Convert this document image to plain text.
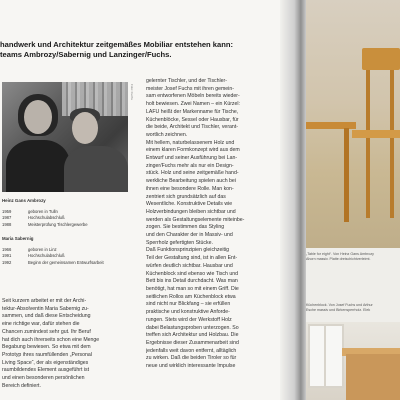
handwerk und Architektur zeitgemäßes Mobiliar entstehen kann:
teams Ambrozy/Sabernig und Lanzinger/Fuchs.
Foto: Fuchs
Heinz Gans Ambrozy
1959	geboren in Tulln
1987	Hochschulabschluß
1988	Meisterprüfung Tischlergewerbe
Maria Sabernig
1966	geboren in Linz
1991	Hochschulabschluß
1992	Beginn der gemeinsamen Entwurfsarbeit
Seit kurzem arbeitet er mit der Archi-
tektur-Absolventin Maria Sabernig zu-
sammen, und daß diese Entscheidung
eine richtige war, dafür stehen die
Chancen zumindest sehr gut. Ihr Beruf
hat dich auch ihrerseits schon eine Menge
Begabung bewiesen. So etwa mit dem
Prototyp ihres raumfüllenden „Personal
Living Space“, der als eigenständiges
raumbildendes Element ausgeführt ist
und einen besonderen persönlichen
Bereich definiert.
gelernter Tischler, und der Tischler-
meister Josef Fuchs mit ihren gemein-
sam entworfenen Möbeln bereits wieder-
holt bewiesen. Zwei Namen – ein Kürzel:
LAFU heißt der Markenname für Tische,
Küchenblöcke, Sessel oder Hausbar, für
die beide, Architekt und Tischler, verant-
wortlich zeichnen.
Mit hellem, naturbelassenem Holz und
einem klaren Formkonzept wird aus dem
Entwurf und seiner Ausführung bei Lan-
zinger/Fuchs mehr als nur ein Design-
stück. Holz und seine zeitgemäße hand-
werkliche Bearbeitung spielen auch bei
ihnen eine besondere Rolle. Man kon-
zentriert sich grundsätzlich auf das
Wesentliche. Konstruktive Details wie
Holzverbindungen bleiben sichtbar und
werden als Gestaltungselemente miteinbe-
zogen. Sie bestimmen das Styling
und den Charakter der in Massiv- und
Sperrholz gefertigten Stücke.
Daß Funktionsprinzipien gleichzeitig
Teil der Gestaltung sind, ist in allen Ent-
würfen deutlich sichtbar. Hausbar und
Küchenblock sind ebenso wie Tisch und
Bett bis ins Detail durchdacht. Was man
benötigt, hat man so mit einem Griff. Die
seitlichen Rollos am Küchenblock etwa
sind nicht nur Blickfang – sie erfüllen
praktische und konstruktive Anforde-
rungen. Stets wird der Werkstoff Holz
dabei Belastungsproben unterzogen. So
treffen sich Architektur und Holzbau. Die
Ergebnisse dieser Zusammenarbeit sind
jedenfalls weit davon entfernt, alltäglich
zu wirken. Daß die beiden Tiroler so für
neue und wirklich interessante Impulse
„Table for eight“. Von Heinz Gans Ambrozy
Ahorn massiv. Platte dreischichtverleimt.
Küchenblock. Von Josef Fuchs und Arthur
Esche massiv und Birkensperrholz. Elek
